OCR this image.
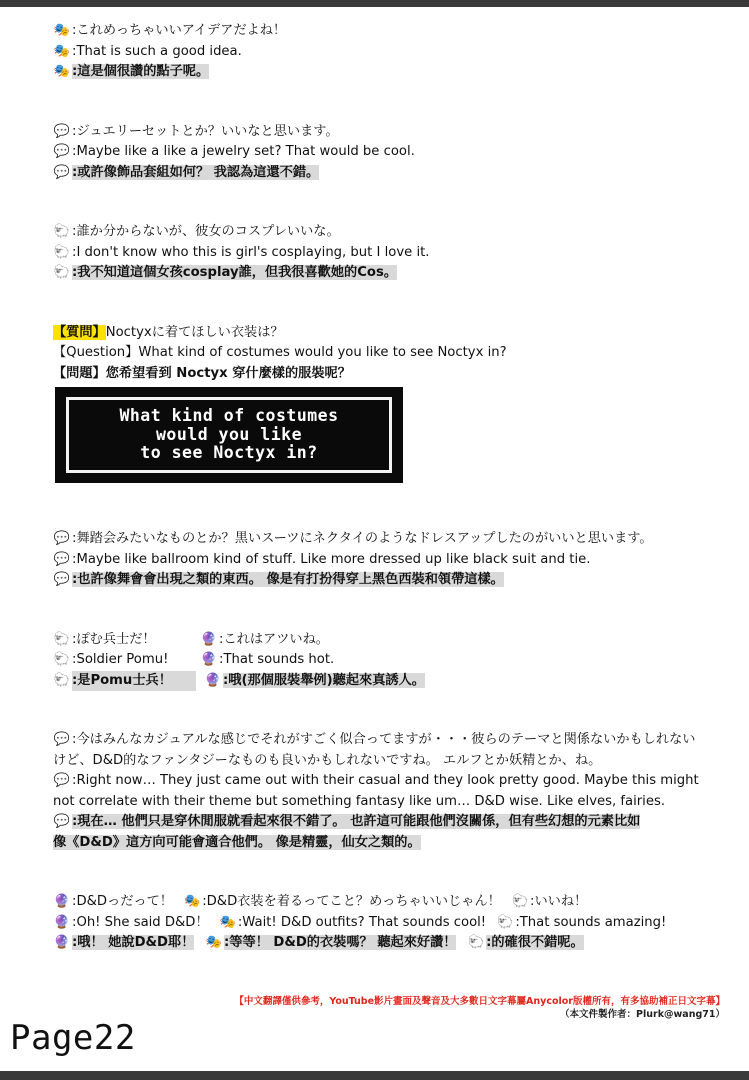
🎭 :これめっちゃいいアイデアだよね！
🎭 :That is such a good idea.
🎭 :這是個很讚的點子呢。
💬 :ジュエリーセットとか？いいなと思います。
💬 :Maybe like a like a jewelry set? That would be cool.
💬 :或許像飾品套組如何？ 我認為這還不錯。
🐑 :誰か分からないが、彼女のコスプレいいな。
🐑 :I don't know who this is girl's cosplaying, but I love it.
🐑 :我不知道這個女孩cosplay誰，但我很喜歡她的Cos。
【質問】Noctyxに着てほしい衣装は？
【Question】What kind of costumes would you like to see Noctyx in?
【問題】您希望看到 Noctyx 穿什麼樣的服裝呢？
What kind of costumes
would you like
to see Noctyx in?
💬 :舞踏会みたいなものとか？黒いスーツにネクタイのようなドレスアップしたのがいいと思います。
💬 :Maybe like ballroom kind of stuff. Like more dressed up like black suit and tie.
💬 :也許像舞會會出現之類的東西。 像是有打扮得穿上黑色西裝和領帶這樣。
🐑 :ぽむ兵士だ！	🔮 :これはアツいね。
🐑 :Soldier Pomu!	🔮 :That sounds hot.
🐑 :是Pomu士兵！	🔮 :哦(那個服裝舉例)聽起來真誘人。
💬 :今はみんなカジュアルな感じでそれがすごく似合ってますが・・・彼らのテーマと関係ないかもしれない
けど、D&D的なファンタジーなものも良いかもしれないですね。 エルフとか妖精とか、ね。
💬 :Right now… They just came out with their casual and they look pretty good. Maybe this might
not correlate with their theme but something fantasy like um… D&D wise. Like elves, fairies.
💬 :現在… 他們只是穿休閒服就看起來很不錯了。 也許這可能跟他們沒關係，但有些幻想的元素比如
像《D&D》這方向可能會適合他們。 像是精靈，仙女之類的。
🔮 :D&Dっだって！ 🎭 :D&D衣装を着るってこと？めっちゃいいじゃん！ 🐑 :いいね！
🔮 :Oh! She said D&D！ 🎭 :Wait! D&D outfits? That sounds cool! 🐑 :That sounds amazing!
🔮 :哦！ 她說D&D耶！ 🎭 :等等！ D&D的衣裝嗎？ 聽起來好讚！ 🐑 :的確很不錯呢。
【中文翻譯僅供參考，YouTube影片畫面及聲音及大多數日文字幕屬Anycolor版權所有，有多協助補正日文字幕】
（本文件製作者：Plurk@wang71）
Page22
